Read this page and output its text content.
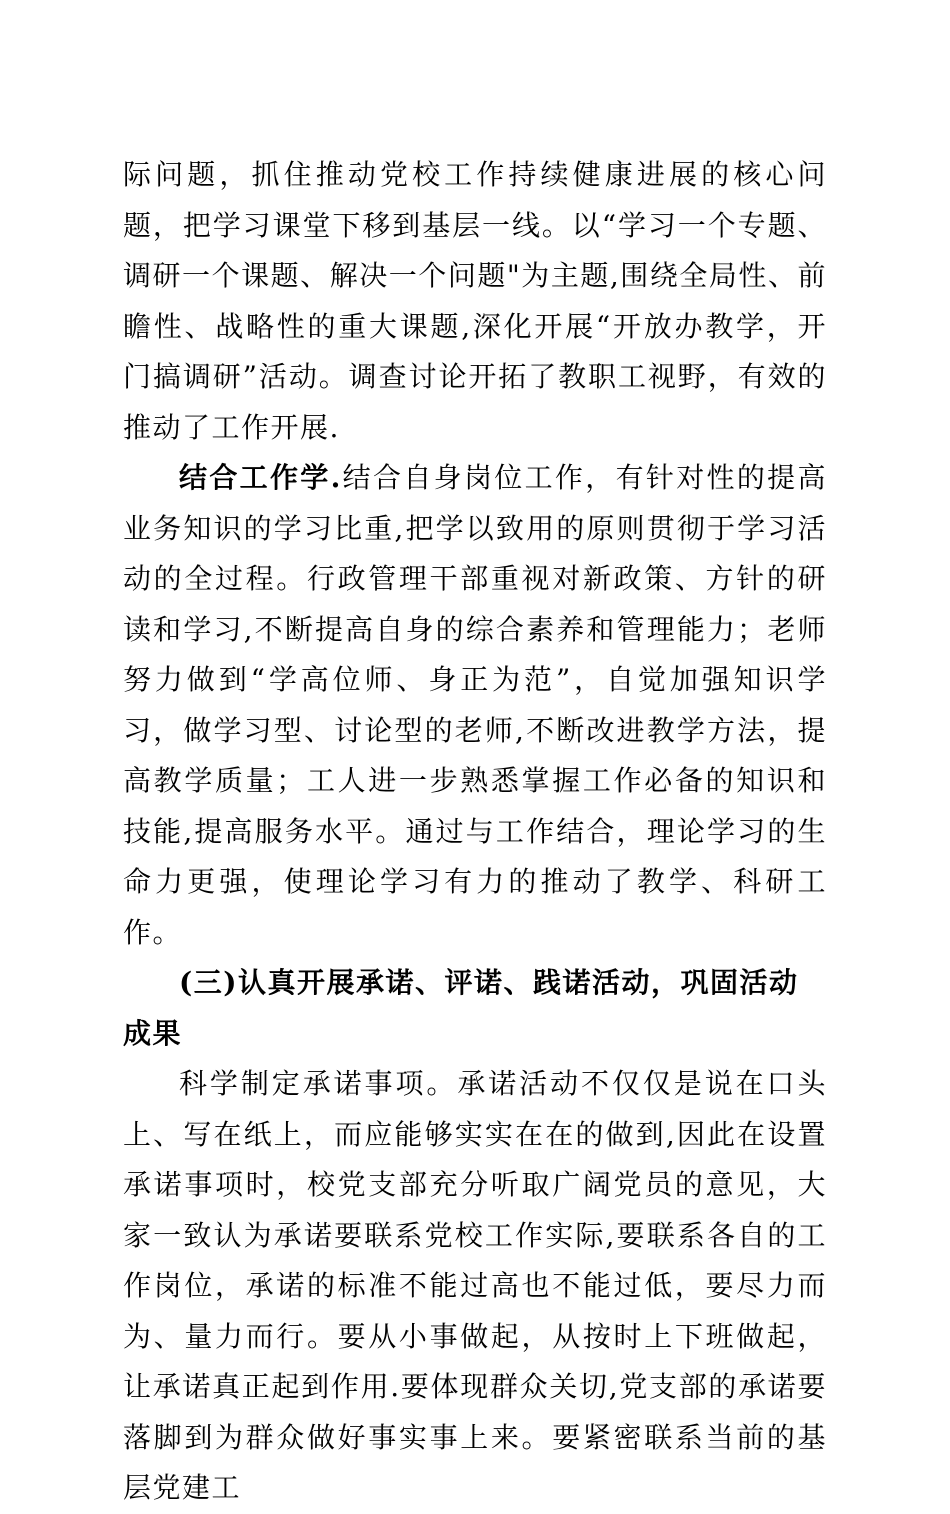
际问题，抓住推动党校工作持续健康进展的核心问题，把学习课堂下移到基层一线。以“学习一个专题、调研一个课题、解决一个问题"为主题,围绕全局性、前瞻性、战略性的重大课题,深化开展“开放办教学，开门搞调研”活动。调查讨论开拓了教职工视野，有效的推动了工作开展.

结合工作学.结合自身岗位工作，有针对性的提高业务知识的学习比重,把学以致用的原则贯彻于学习活动的全过程。行政管理干部重视对新政策、方针的研读和学习,不断提高自身的综合素养和管理能力；老师努力做到“学高位师、身正为范”，自觉加强知识学习，做学习型、讨论型的老师,不断改进教学方法，提高教学质量；工人进一步熟悉掌握工作必备的知识和技能,提高服务水平。通过与工作结合，理论学习的生命力更强，使理论学习有力的推动了教学、科研工作。

(三)认真开展承诺、评诺、践诺活动，巩固活动成果

科学制定承诺事项。承诺活动不仅仅是说在口头上、写在纸上，而应能够实实在在的做到,因此在设置承诺事项时，校党支部充分听取广阔党员的意见，大家一致认为承诺要联系党校工作实际,要联系各自的工作岗位，承诺的标准不能过高也不能过低，要尽力而为、量力而行。要从小事做起，从按时上下班做起，让承诺真正起到作用.要体现群众关切,党支部的承诺要落脚到为群众做好事实事上来。要紧密联系当前的基层党建工
